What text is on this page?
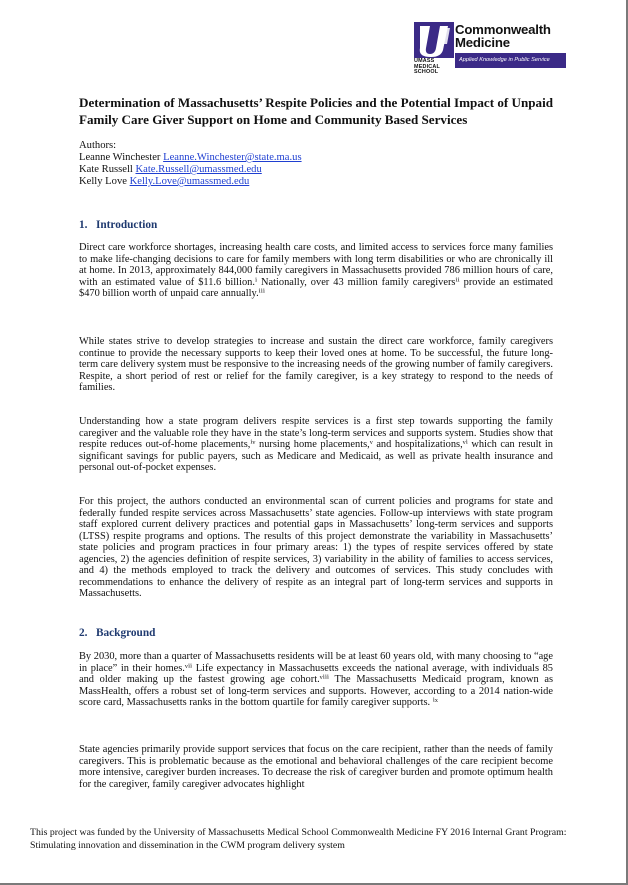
UMASS
MEDICAL
SCHOOL
Commonwealth Medicine
Applied Knowledge in Public Service
Determination of Massachusetts’ Respite Policies and the Potential Impact of Unpaid Family Care Giver Support on Home and Community Based Services
Authors:
Leanne Winchester Leanne.Winchester@state.ma.us
Kate Russell Kate.Russell@umassmed.edu
Kelly Love Kelly.Love@umassmed.edu
1. Introduction

Direct care workforce shortages, increasing health care costs, and limited access to services force many families to make life-changing decisions to care for family members with long term disabilities or who are chronically ill at home. In 2013, approximately 844,000 family caregivers in Massachusetts provided 786 million hours of care, with an estimated value of $11.6 billion.ⁱ Nationally, over 43 million family caregiversⁱⁱ provide an estimated $470 billion worth of unpaid care annually.ⁱⁱⁱ

While states strive to develop strategies to increase and sustain the direct care workforce, family caregivers continue to provide the necessary supports to keep their loved ones at home. To be successful, the future long-term care delivery system must be responsive to the increasing needs of the growing number of family caregivers. Respite, a short period of rest or relief for the family caregiver, is a key strategy to respond to the needs of families.

Understanding how a state program delivers respite services is a first step towards supporting the family caregiver and the valuable role they have in the state’s long-term services and supports system. Studies show that respite reduces out-of-home placements,ⁱᵛ nursing home placements,ᵛ and hospitalizations,ᵛⁱ which can result in significant savings for public payers, such as Medicare and Medicaid, as well as private health insurance and personal out-of-pocket expenses.

For this project, the authors conducted an environmental scan of current policies and programs for state and federally funded respite services across Massachusetts’ state agencies. Follow-up interviews with state program staff explored current delivery practices and potential gaps in Massachusetts’ long-term services and supports (LTSS) respite programs and options. The results of this project demonstrate the variability in Massachusetts’ state policies and program practices in four primary areas: 1) the types of respite services offered by state agencies, 2) the agencies definition of respite services, 3) variability in the ability of families to access services, and 4) the methods employed to track the delivery and outcomes of services. This study concludes with recommendations to enhance the delivery of respite as an integral part of long-term services and supports in Massachusetts.

2. Background

By 2030, more than a quarter of Massachusetts residents will be at least 60 years old, with many choosing to “age in place” in their homes.ᵛⁱⁱ Life expectancy in Massachusetts exceeds the national average, with individuals 85 and older making up the fastest growing age cohort.ᵛⁱⁱⁱ The Massachusetts Medicaid program, known as MassHealth, offers a robust set of long-term services and supports. However, according to a 2014 nation-wide score card, Massachusetts ranks in the bottom quartile for family caregiver supports. ⁱˣ

State agencies primarily provide support services that focus on the care recipient, rather than the needs of family caregivers. This is problematic because as the emotional and behavioral challenges of the care recipient become more intensive, caregiver burden increases. To decrease the risk of caregiver burden and promote optimum health for the caregiver, family caregiver advocates highlight

This project was funded by the University of Massachusetts Medical School Commonwealth Medicine FY 2016 Internal Grant Program: Stimulating innovation and dissemination in the CWM program delivery system
